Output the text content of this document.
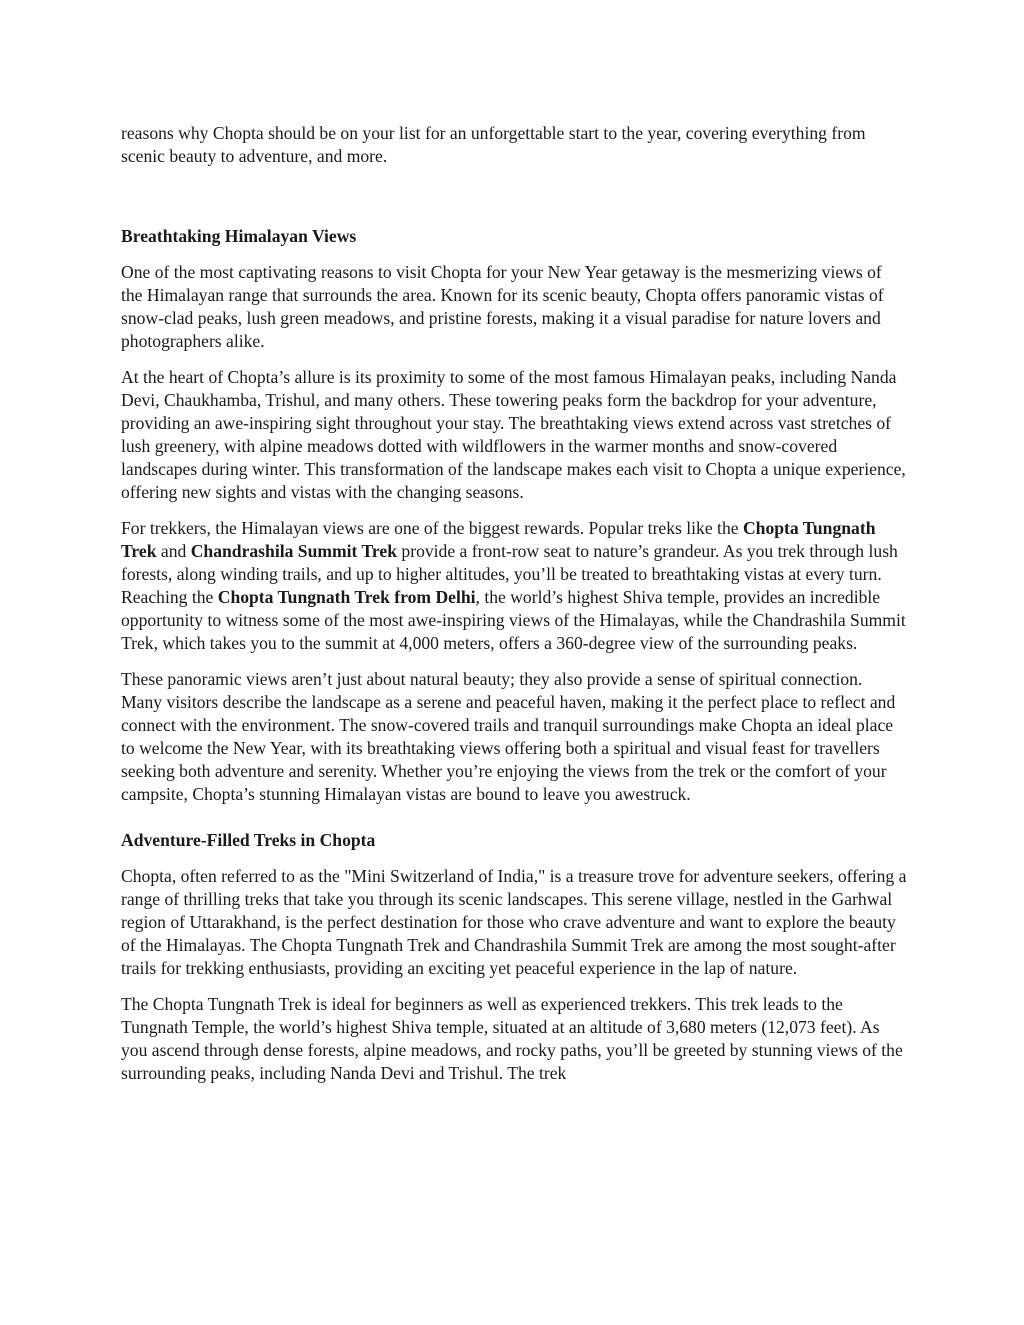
reasons why Chopta should be on your list for an unforgettable start to the year, covering everything from scenic beauty to adventure, and more.

Breathtaking Himalayan Views

One of the most captivating reasons to visit Chopta for your New Year getaway is the mesmerizing views of the Himalayan range that surrounds the area. Known for its scenic beauty, Chopta offers panoramic vistas of snow-clad peaks, lush green meadows, and pristine forests, making it a visual paradise for nature lovers and photographers alike.

At the heart of Chopta’s allure is its proximity to some of the most famous Himalayan peaks, including Nanda Devi, Chaukhamba, Trishul, and many others. These towering peaks form the backdrop for your adventure, providing an awe-inspiring sight throughout your stay. The breathtaking views extend across vast stretches of lush greenery, with alpine meadows dotted with wildflowers in the warmer months and snow-covered landscapes during winter. This transformation of the landscape makes each visit to Chopta a unique experience, offering new sights and vistas with the changing seasons.

For trekkers, the Himalayan views are one of the biggest rewards. Popular treks like the Chopta Tungnath Trek and Chandrashila Summit Trek provide a front-row seat to nature’s grandeur. As you trek through lush forests, along winding trails, and up to higher altitudes, you’ll be treated to breathtaking vistas at every turn. Reaching the Chopta Tungnath Trek from Delhi, the world’s highest Shiva temple, provides an incredible opportunity to witness some of the most awe-inspiring views of the Himalayas, while the Chandrashila Summit Trek, which takes you to the summit at 4,000 meters, offers a 360-degree view of the surrounding peaks.

These panoramic views aren’t just about natural beauty; they also provide a sense of spiritual connection. Many visitors describe the landscape as a serene and peaceful haven, making it the perfect place to reflect and connect with the environment. The snow-covered trails and tranquil surroundings make Chopta an ideal place to welcome the New Year, with its breathtaking views offering both a spiritual and visual feast for travellers seeking both adventure and serenity. Whether you’re enjoying the views from the trek or the comfort of your campsite, Chopta’s stunning Himalayan vistas are bound to leave you awestruck.

Adventure-Filled Treks in Chopta

Chopta, often referred to as the "Mini Switzerland of India," is a treasure trove for adventure seekers, offering a range of thrilling treks that take you through its scenic landscapes. This serene village, nestled in the Garhwal region of Uttarakhand, is the perfect destination for those who crave adventure and want to explore the beauty of the Himalayas. The Chopta Tungnath Trek and Chandrashila Summit Trek are among the most sought-after trails for trekking enthusiasts, providing an exciting yet peaceful experience in the lap of nature.

The Chopta Tungnath Trek is ideal for beginners as well as experienced trekkers. This trek leads to the Tungnath Temple, the world’s highest Shiva temple, situated at an altitude of 3,680 meters (12,073 feet). As you ascend through dense forests, alpine meadows, and rocky paths, you’ll be greeted by stunning views of the surrounding peaks, including Nanda Devi and Trishul. The trek
